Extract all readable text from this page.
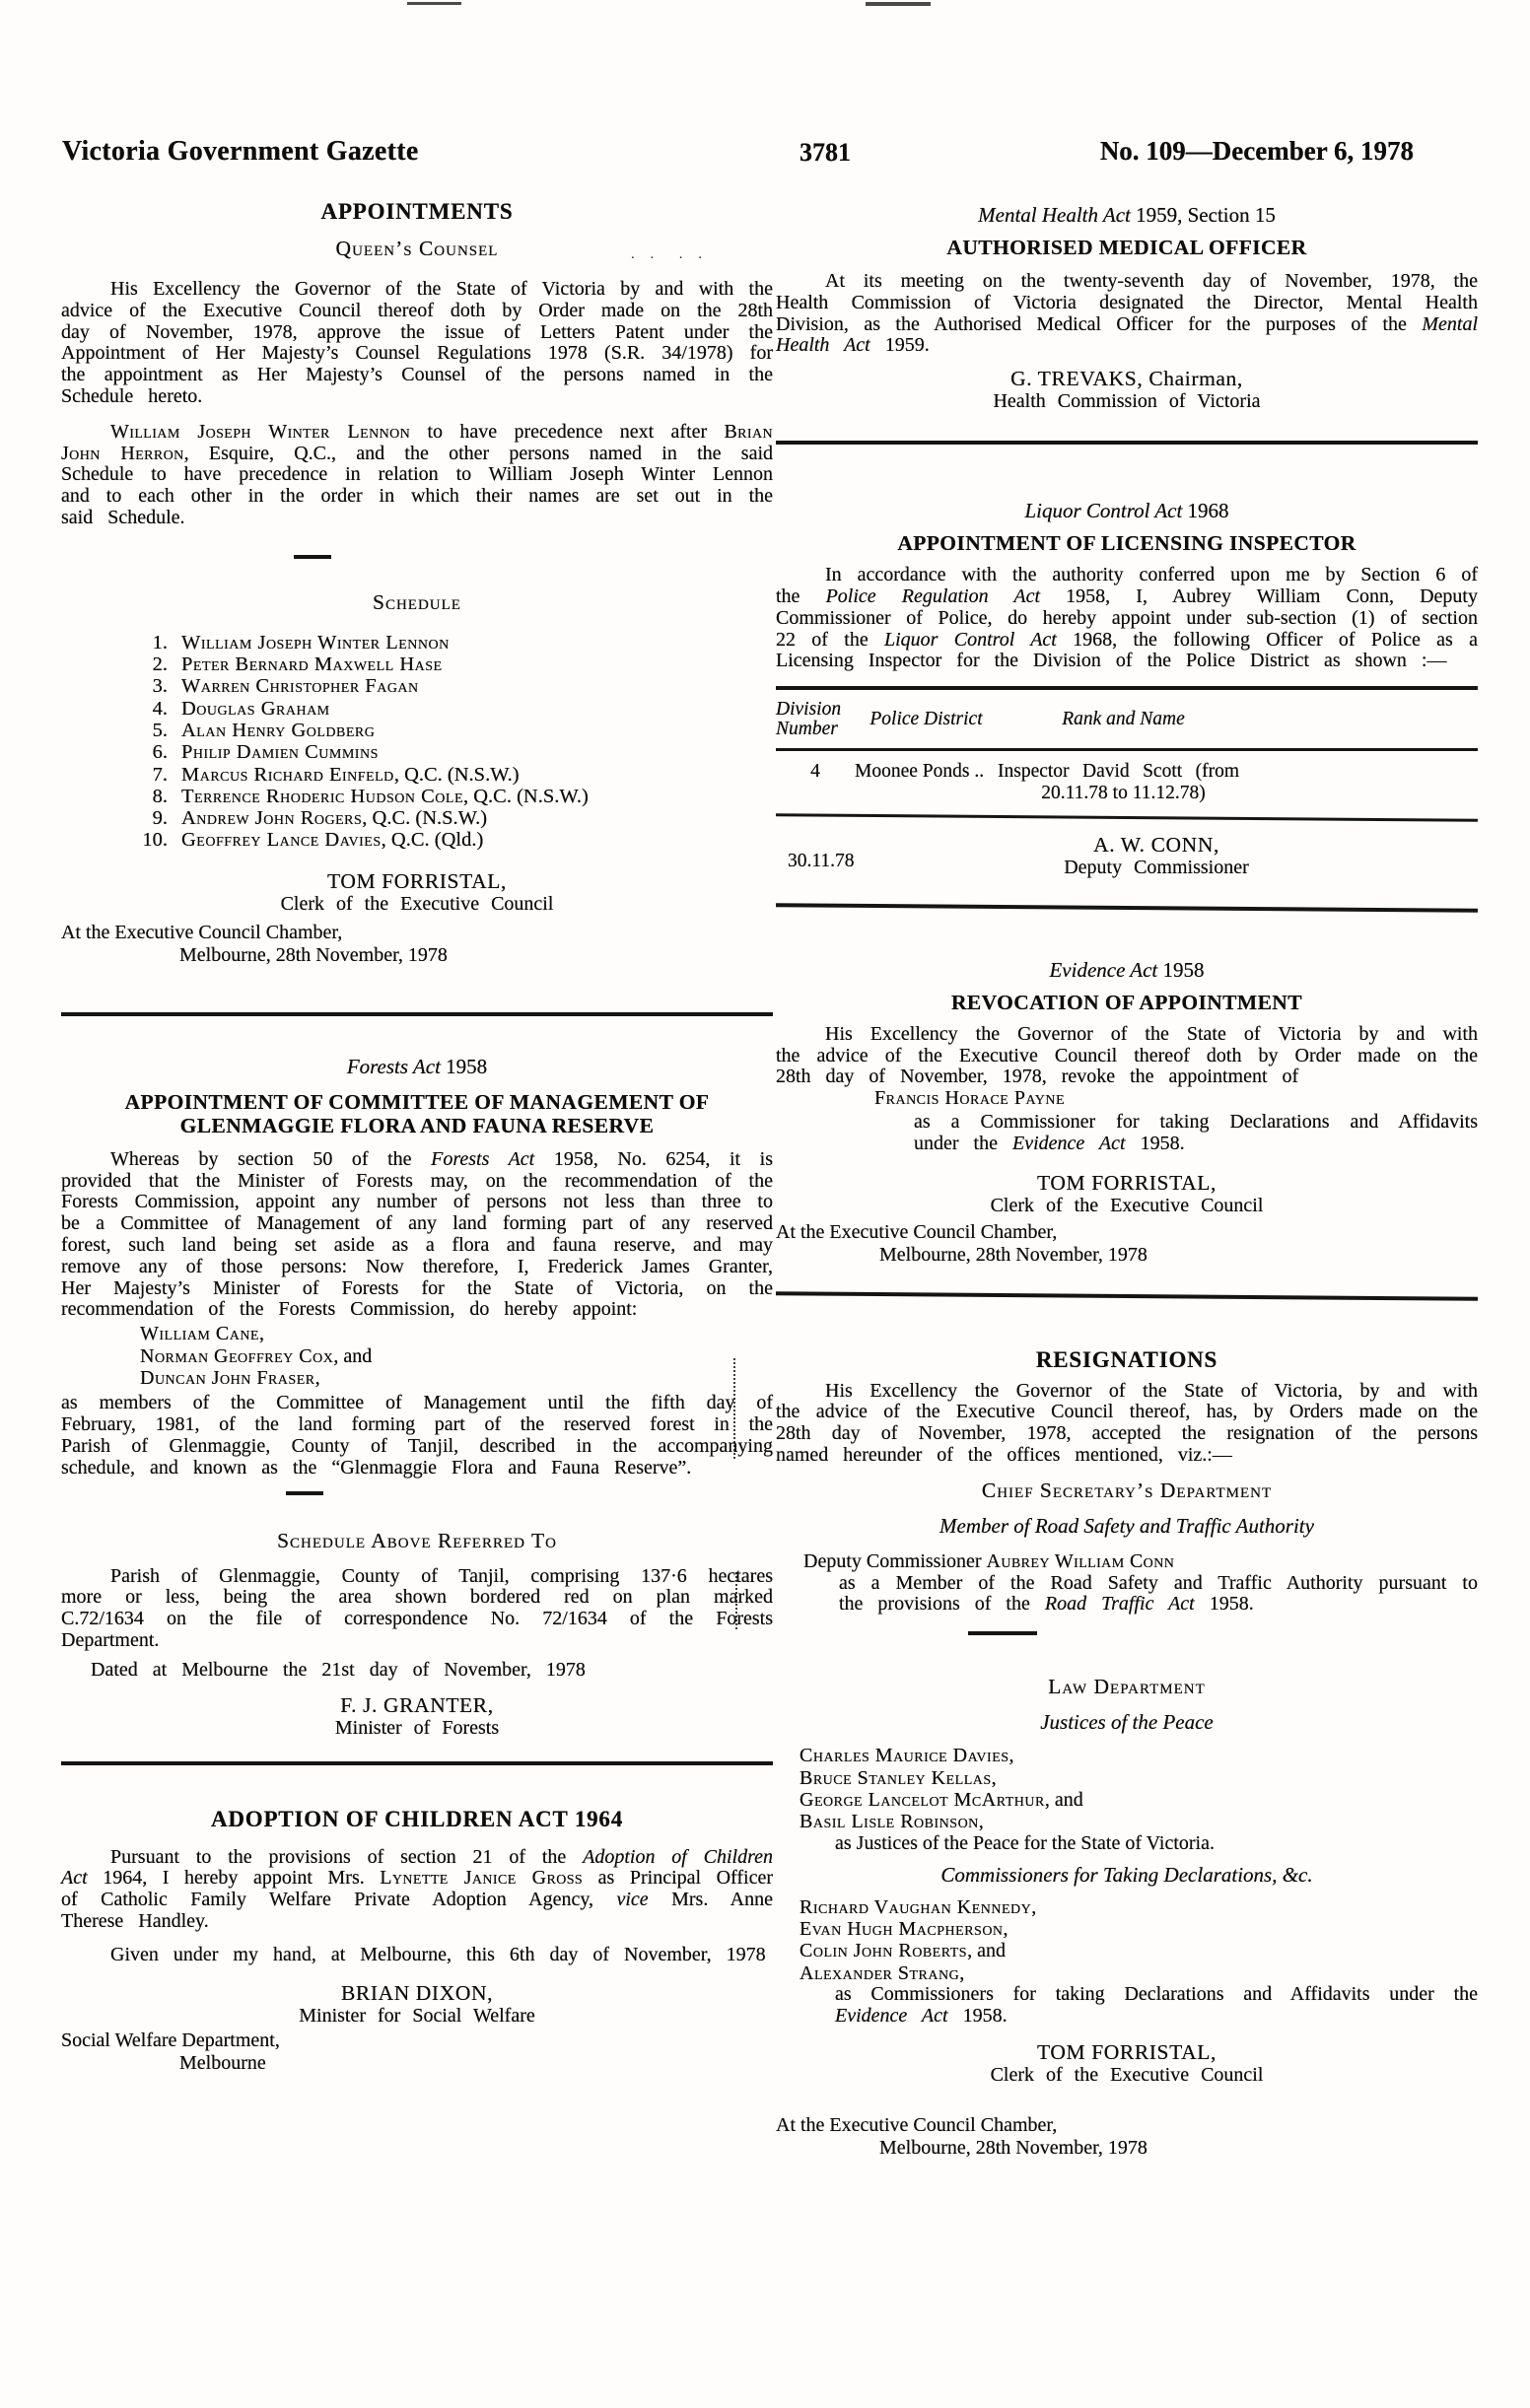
. .  . .
Victoria Government Gazette	3781	No. 109—December 6, 1978
APPOINTMENTS
Queen’s Counsel

His Excellency the Governor of the State of Victoria by and with the advice of the Executive Council thereof doth by Order made on the 28th day of November, 1978, approve the issue of Letters Patent under the Appointment of Her Majesty’s Counsel Regulations 1978 (S.R. 34/1978) for the appointment as Her Majesty’s Counsel of the persons named in the Schedule hereto.

William Joseph Winter Lennon to have precedence next after Brian John Herron, Esquire, Q.C., and the other persons named in the said Schedule to have precedence in relation to William Joseph Winter Lennon and to each other in the order in which their names are set out in the said Schedule.

Schedule
1. William Joseph Winter Lennon
2. Peter Bernard Maxwell Hase
3. Warren Christopher Fagan
4. Douglas Graham
5. Alan Henry Goldberg
6. Philip Damien Cummins
7. Marcus Richard Einfeld, Q.C. (N.S.W.)
8. Terrence Rhoderic Hudson Cole, Q.C. (N.S.W.)
9. Andrew John Rogers, Q.C. (N.S.W.)
10. Geoffrey Lance Davies, Q.C. (Qld.)
TOM FORRISTAL,
Clerk of the Executive Council
At the Executive Council Chamber,
Melbourne, 28th November, 1978
Forests Act 1958
APPOINTMENT OF COMMITTEE OF MANAGEMENT OF GLENMAGGIE FLORA AND FAUNA RESERVE

Whereas by section 50 of the Forests Act 1958, No. 6254, it is provided that the Minister of Forests may, on the recommendation of the Forests Commission, appoint any number of persons not less than three to be a Committee of Management of any land forming part of any reserved forest, such land being set aside as a flora and fauna reserve, and may remove any of those persons: Now therefore, I, Frederick James Granter, Her Majesty’s Minister of Forests for the State of Victoria, on the recommendation of the Forests Commission, do hereby appoint:

William Cane,
Norman Geoffrey Cox, and
Duncan John Fraser,

as members of the Committee of Management until the fifth day of February, 1981, of the land forming part of the reserved forest in the Parish of Glenmaggie, County of Tanjil, described in the accompanying schedule, and known as the “Glenmaggie Flora and Fauna Reserve”.

Schedule Above Referred To

Parish of Glenmaggie, County of Tanjil, comprising 137·6 hectares more or less, being the area shown bordered red on plan marked C.72/1634 on the file of correspondence No. 72/1634 of the Forests Department.

Dated at Melbourne the 21st day of November, 1978

F. J. GRANTER,
Minister of Forests
ADOPTION OF CHILDREN ACT 1964

Pursuant to the provisions of section 21 of the Adoption of Children Act 1964, I hereby appoint Mrs. Lynette Janice Gross as Principal Officer of Catholic Family Welfare Private Adoption Agency, vice Mrs. Anne Therese Handley.

Given under my hand, at Melbourne, this 6th day of November, 1978

BRIAN DIXON,
Minister for Social Welfare
Social Welfare Department,
Melbourne
Mental Health Act 1959, Section 15
AUTHORISED MEDICAL OFFICER

At its meeting on the twenty-seventh day of November, 1978, the Health Commission of Victoria designated the Director, Mental Health Division, as the Authorised Medical Officer for the purposes of the Mental Health Act 1959.

G. TREVAKS, Chairman,
Health Commission of Victoria
Liquor Control Act 1968
APPOINTMENT OF LICENSING INSPECTOR

In accordance with the authority conferred upon me by Section 6 of the Police Regulation Act 1958, I, Aubrey William Conn, Deputy Commissioner of Police, do hereby appoint under sub-section (1) of section 22 of the Liquor Control Act 1968, the following Officer of Police as a Licensing Inspector for the Division of the Police District as shown :—

Division
Number	Police District	Rank and Name
4	Moonee Ponds .. Inspector David Scott (from
20.11.78 to 11.12.78)
30.11.78
A. W. CONN,
Deputy Commissioner
Evidence Act 1958
REVOCATION OF APPOINTMENT

His Excellency the Governor of the State of Victoria by and with the advice of the Executive Council thereof doth by Order made on the 28th day of November, 1978, revoke the appointment of

Francis Horace Payne

as a Commissioner for taking Declarations and Affidavits under the Evidence Act 1958.

TOM FORRISTAL,
Clerk of the Executive Council
At the Executive Council Chamber,
Melbourne, 28th November, 1978
RESIGNATIONS

His Excellency the Governor of the State of Victoria, by and with the advice of the Executive Council thereof, has, by Orders made on the 28th day of November, 1978, accepted the resignation of the persons named hereunder of the offices mentioned, viz.:—

Chief Secretary’s Department
Member of Road Safety and Traffic Authority
Deputy Commissioner Aubrey William Conn

as a Member of the Road Safety and Traffic Authority pursuant to the provisions of the Road Traffic Act 1958.

Law Department
Justices of the Peace
Charles Maurice Davies,
Bruce Stanley Kellas,
George Lancelot McArthur, and
Basil Lisle Robinson,
as Justices of the Peace for the State of Victoria.
Commissioners for Taking Declarations, &c.
Richard Vaughan Kennedy,
Evan Hugh Macpherson,
Colin John Roberts, and
Alexander Strang,

as Commissioners for taking Declarations and Affidavits under the Evidence Act 1958.

TOM FORRISTAL,
Clerk of the Executive Council
At the Executive Council Chamber,
Melbourne, 28th November, 1978
